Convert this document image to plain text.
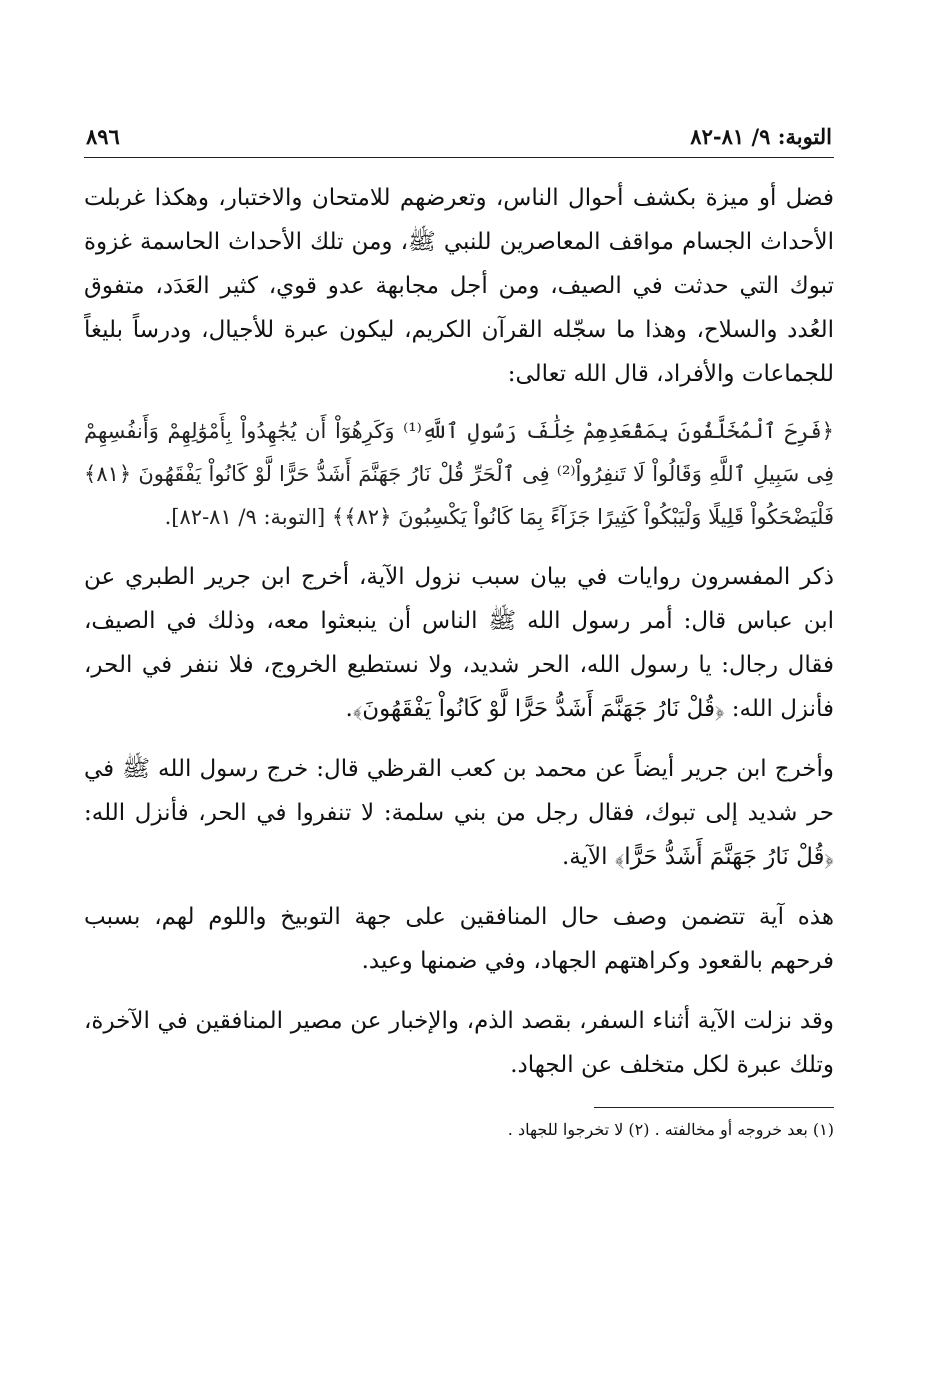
التوبة: ٩/ ٨١-٨٢
٨٩٦

فضل أو ميزة بكشف أحوال الناس، وتعرضهم للامتحان والاختبار، وهكذا غربلت الأحداث الجسام مواقف المعاصرين للنبي ﷺ، ومن تلك الأحداث الحاسمة غزوة تبوك التي حدثت في الصيف، ومن أجل مجابهة عدو قوي، كثير العَدَد، متفوق العُدد والسلاح، وهذا ما سجّله القرآن الكريم، ليكون عبرة للأجيال، ودرساً بليغاً للجماعات والأفراد، قال الله تعالى:

﴿فَرِحَ ٱلْمُخَلَّفُونَ بِمَقْعَدِهِمْ خِلَٰفَ رَسُولِ ٱللَّهِ⁽¹⁾ وَكَرِهُوٓاْ أَن يُجَٰهِدُواْ بِأَمْوَٰلِهِمْ وَأَنفُسِهِمْ فِى سَبِيلِ ٱللَّهِ وَقَالُواْ لَا تَنفِرُواْ⁽²⁾ فِى ٱلْحَرِّ قُلْ نَارُ جَهَنَّمَ أَشَدُّ حَرًّا لَّوْ كَانُواْ يَفْقَهُونَ ﴿٨١﴾ فَلْيَضْحَكُواْ قَلِيلًا وَلْيَبْكُواْ كَثِيرًا جَزَآءً بِمَا كَانُواْ يَكْسِبُونَ ﴿٨٢﴾﴾ [التوبة: ٩/ ٨١-٨٢].

ذكر المفسرون روايات في بيان سبب نزول الآية، أخرج ابن جرير الطبري عن ابن عباس قال: أمر رسول الله ﷺ الناس أن ينبعثوا معه، وذلك في الصيف، فقال رجال: يا رسول الله، الحر شديد، ولا نستطيع الخروج، فلا ننفر في الحر، فأنزل الله: ﴿قُلْ نَارُ جَهَنَّمَ أَشَدُّ حَرًّا لَّوْ كَانُواْ يَفْقَهُونَ﴾.

وأخرج ابن جرير أيضاً عن محمد بن كعب القرظي قال: خرج رسول الله ﷺ في حر شديد إلى تبوك، فقال رجل من بني سلمة: لا تنفروا في الحر، فأنزل الله: ﴿قُلْ نَارُ جَهَنَّمَ أَشَدُّ حَرًّا﴾ الآية.

هذه آية تتضمن وصف حال المنافقين على جهة التوبيخ واللوم لهم، بسبب فرحهم بالقعود وكراهتهم الجهاد، وفي ضمنها وعيد.

وقد نزلت الآية أثناء السفر، بقصد الذم، والإخبار عن مصير المنافقين في الآخرة، وتلك عبرة لكل متخلف عن الجهاد.

(١) بعد خروجه أو مخالفته . (٢) لا تخرجوا للجهاد .
